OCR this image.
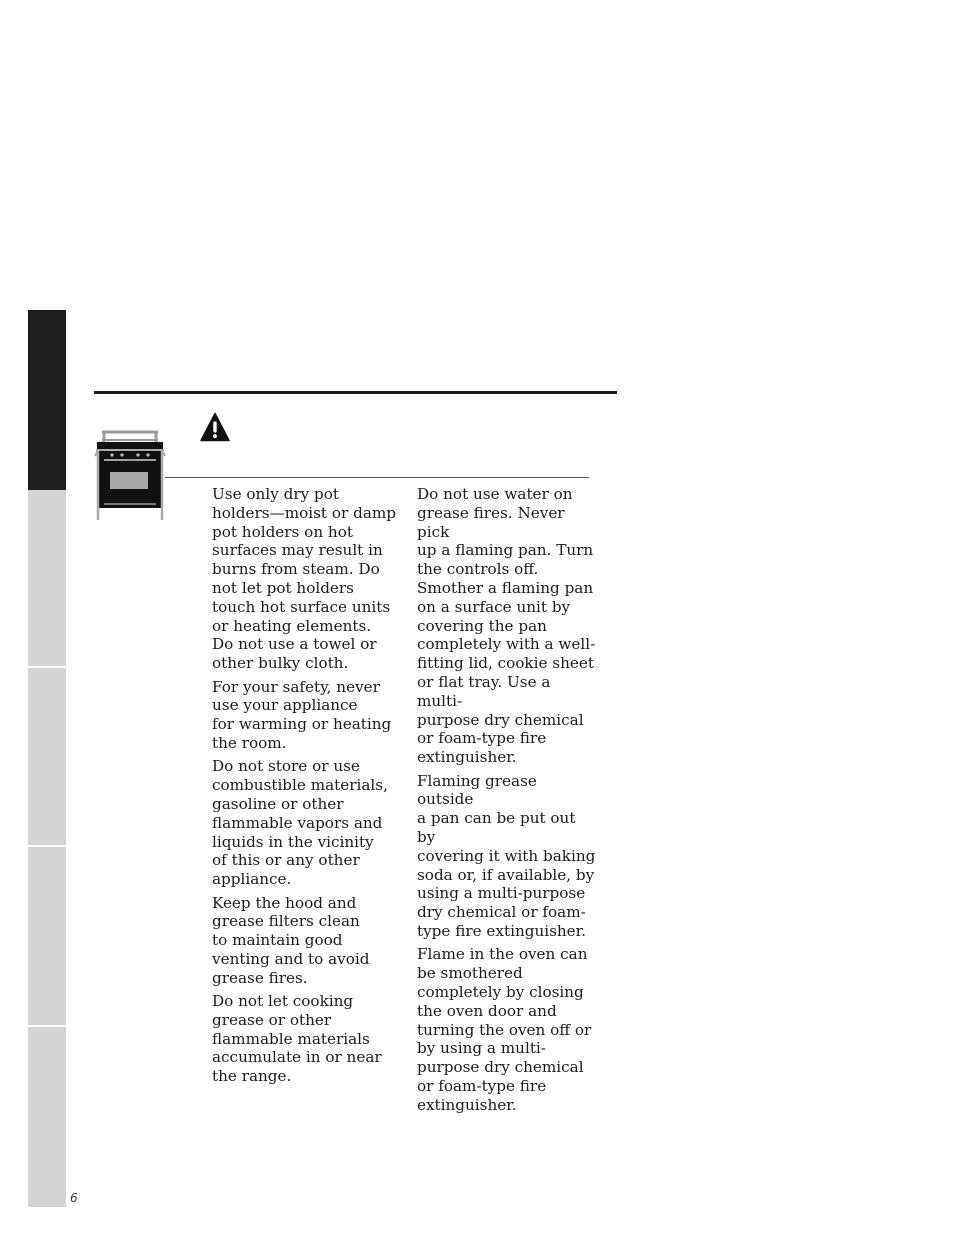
Use only dry pot
holders—moist or damp
pot holders on hot
surfaces may result in
burns from steam. Do
not let pot holders
touch hot surface units
or heating elements.
Do not use a towel or
other bulky cloth.

For your safety, never
use your appliance
for warming or heating
the room.

Do not store or use
combustible materials,
gasoline or other
flammable vapors and
liquids in the vicinity
of this or any other
appliance.

Keep the hood and
grease filters clean
to maintain good
venting and to avoid
grease fires.

Do not let cooking
grease or other
flammable materials
accumulate in or near
the range.

Do not use water on
grease fires. Never pick
up a flaming pan. Turn
the controls off.
Smother a flaming pan
on a surface unit by
covering the pan
completely with a well-
fitting lid, cookie sheet
or flat tray. Use a multi-
purpose dry chemical
or foam-type fire
extinguisher.

Flaming grease outside
a pan can be put out by
covering it with baking
soda or, if available, by
using a multi-purpose
dry chemical or foam-
type fire extinguisher.

Flame in the oven can
be smothered
completely by closing
the oven door and
turning the oven off or
by using a multi-
purpose dry chemical
or foam-type fire
extinguisher.

6
